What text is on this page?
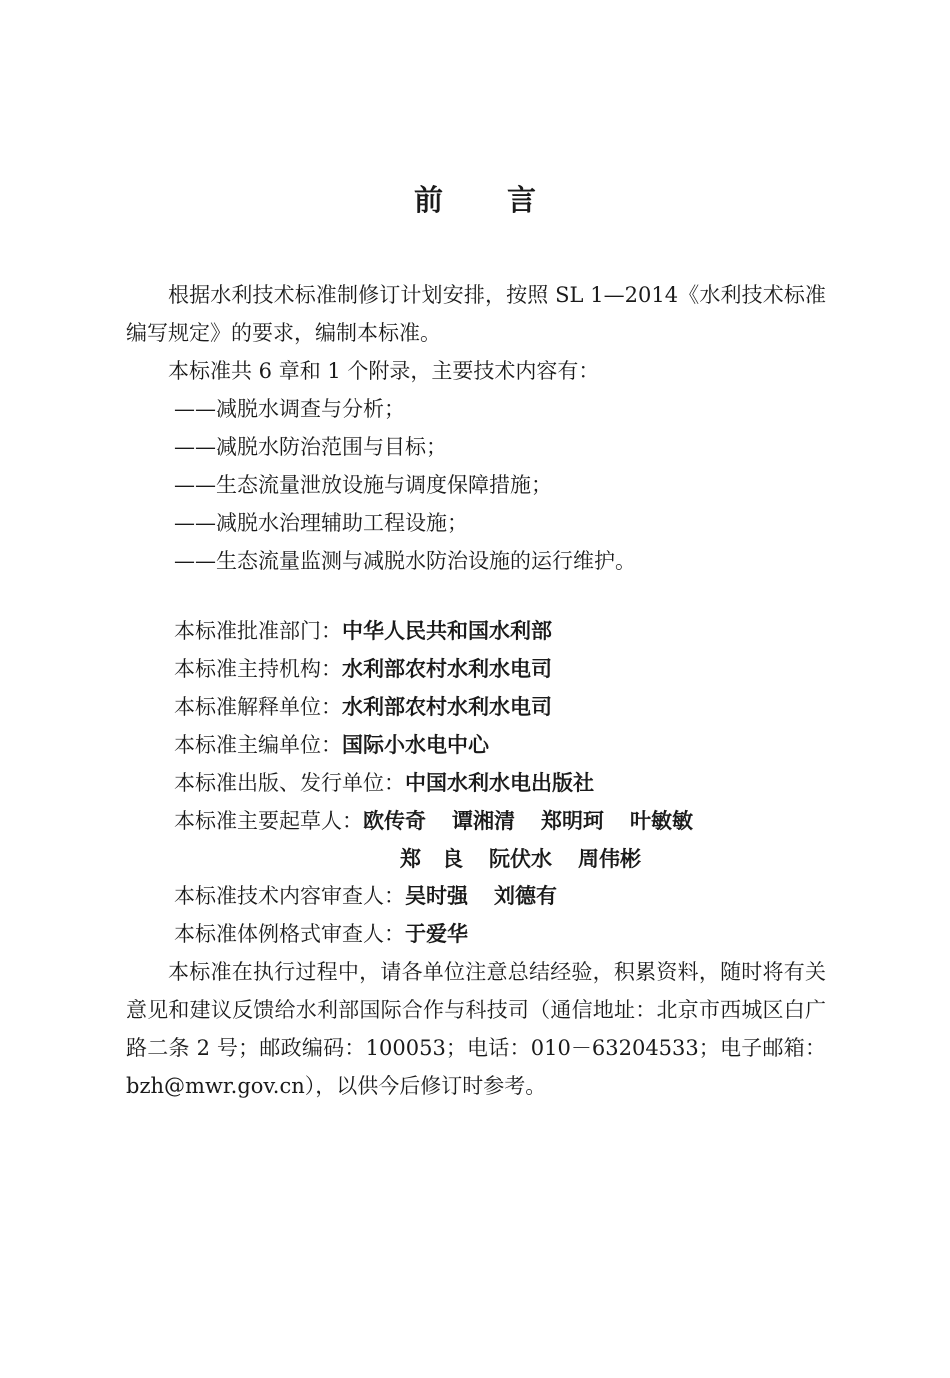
前 言

根据水利技术标准制修订计划安排，按照 SL 1—2014《水利技术标准编写规定》的要求，编制本标准。

本标准共 6 章和 1 个附录，主要技术内容有：

——减脱水调查与分析；

——减脱水防治范围与目标；

——生态流量泄放设施与调度保障措施；

——减脱水治理辅助工程设施；

——生态流量监测与减脱水防治设施的运行维护。

本标准批准部门：中华人民共和国水利部
本标准主持机构：水利部农村水利水电司
本标准解释单位：水利部农村水利水电司
本标准主编单位：国际小水电中心
本标准出版、发行单位：中国水利水电出版社
本标准主要起草人：欧传奇 谭湘清 郑明珂 叶敏敏
郑　良 阮伏水 周伟彬
本标准技术内容审查人：吴时强 刘德有
本标准体例格式审查人：于爱华

本标准在执行过程中，请各单位注意总结经验，积累资料，随时将有关意见和建议反馈给水利部国际合作与科技司（通信地址：北京市西城区白广路二条 2 号；邮政编码：100053；电话：010－63204533；电子邮箱：bzh@mwr.gov.cn），以供今后修订时参考。
